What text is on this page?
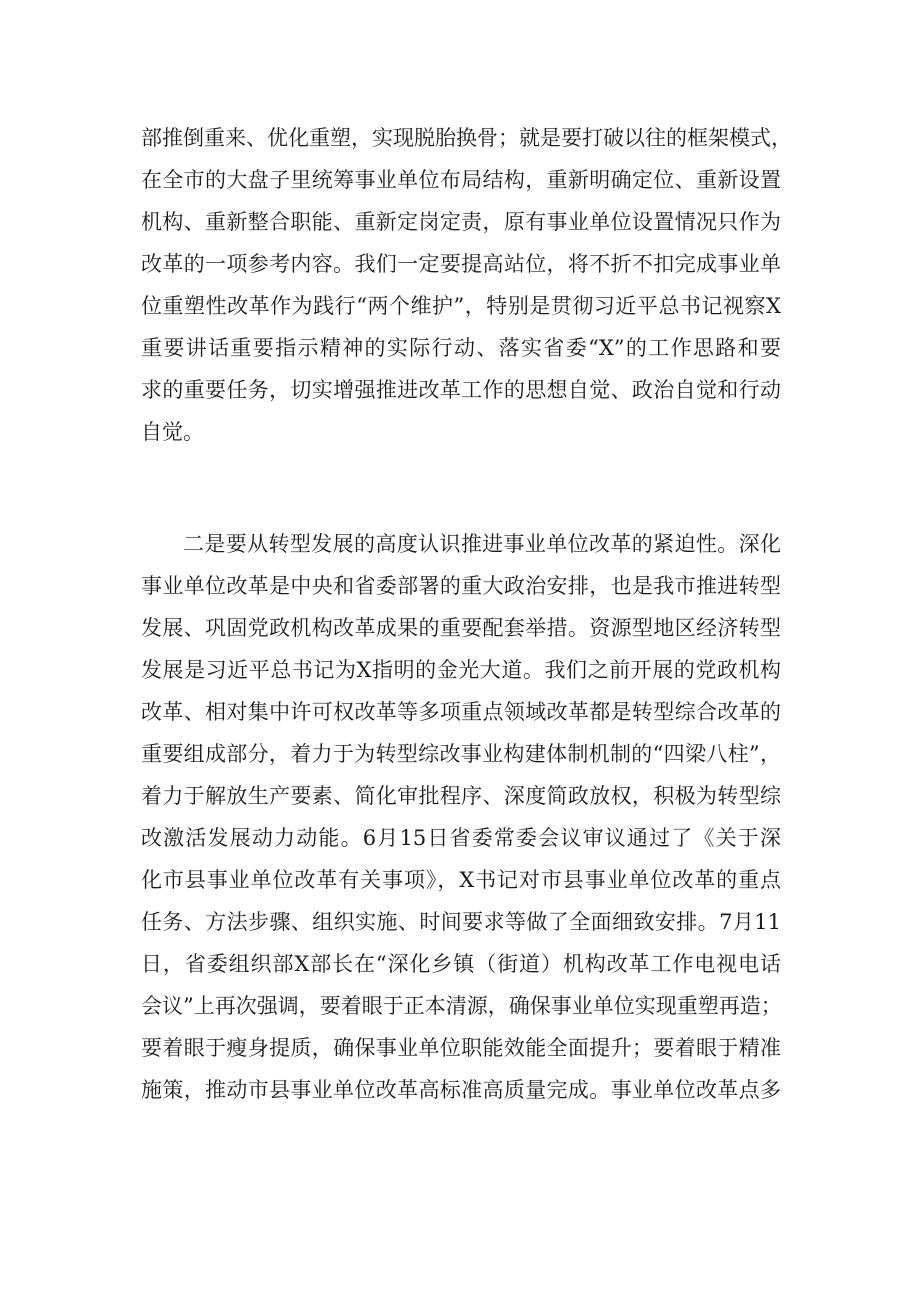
部推倒重来、优化重塑，实现脱胎换骨；就是要打破以往的框架模式，
在全市的大盘子里统筹事业单位布局结构，重新明确定位、重新设置
机构、重新整合职能、重新定岗定责，原有事业单位设置情况只作为
改革的一项参考内容。我们一定要提高站位，将不折不扣完成事业单
位重塑性改革作为践行“两个维护”，特别是贯彻习近平总书记视察X
重要讲话重要指示精神的实际行动、落实省委“X”的工作思路和要
求的重要任务，切实增强推进改革工作的思想自觉、政治自觉和行动
自觉。
二是要从转型发展的高度认识推进事业单位改革的紧迫性。深化
事业单位改革是中央和省委部署的重大政治安排，也是我市推进转型
发展、巩固党政机构改革成果的重要配套举措。资源型地区经济转型
发展是习近平总书记为X指明的金光大道。我们之前开展的党政机构
改革、相对集中许可权改革等多项重点领域改革都是转型综合改革的
重要组成部分，着力于为转型综改事业构建体制机制的“四梁八柱”，
着力于解放生产要素、简化审批程序、深度简政放权，积极为转型综
改激活发展动力动能。6月15日省委常委会议审议通过了《关于深
化市县事业单位改革有关事项》，X书记对市县事业单位改革的重点
任务、方法步骤、组织实施、时间要求等做了全面细致安排。7月11
日，省委组织部X部长在“深化乡镇（街道）机构改革工作电视电话
会议”上再次强调，要着眼于正本清源，确保事业单位实现重塑再造；
要着眼于瘦身提质，确保事业单位职能效能全面提升；要着眼于精准
施策，推动市县事业单位改革高标准高质量完成。事业单位改革点多
